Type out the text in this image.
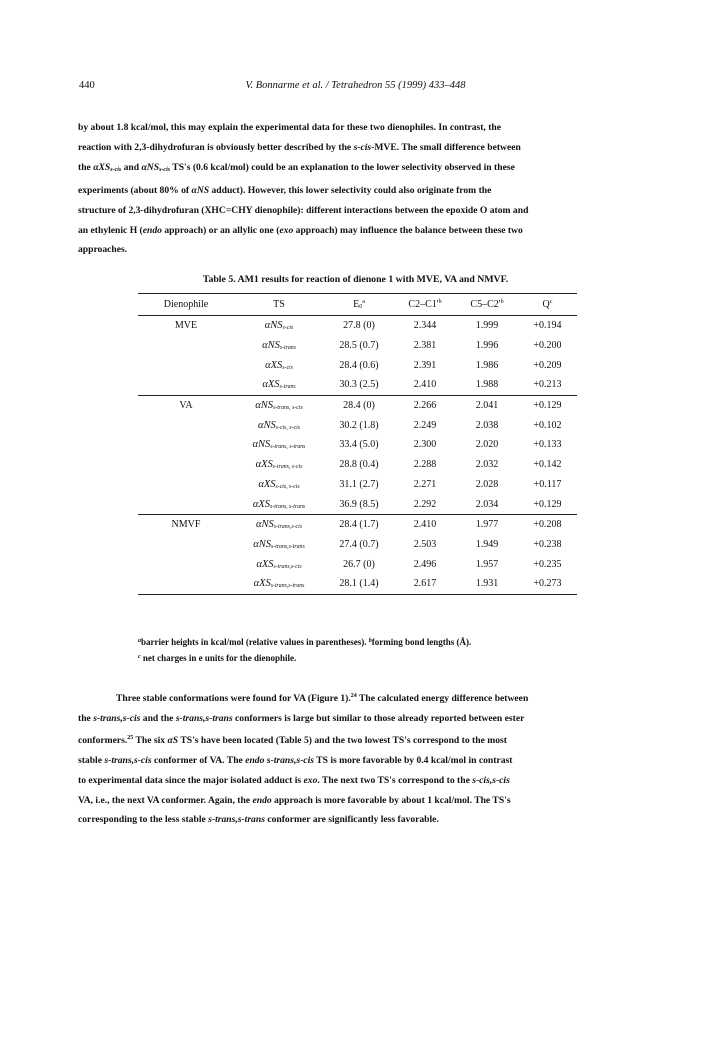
440	V. Bonnarme et al. / Tetrahedron 55 (1999) 433–448

by about 1.8 kcal/mol, this may explain the experimental data for these two dienophiles. In contrast, the

reaction with 2,3-dihydrofuran is obviously better described by the s-cis-MVE. The small difference between

the αXSs-cis and αNSs-cis TS's (0.6 kcal/mol) could be an explanation to the lower selectivity observed in these

experiments (about 80% of αNS adduct). However, this lower selectivity could also originate from the

structure of 2,3-dihydrofuran (XHC=CHY dienophile): different interactions between the epoxide O atom and

an ethylenic H (endo approach) or an allylic one (exo approach) may influence the balance between these two

approaches.

Table 5. AM1 results for reaction of dienone 1 with MVE, VA and NMVF.
Dienophile	TS	E0$^a$	$C2-C1'^b$	$C5-C2'^b$	$Q^c$
MVE	αNSs-cis	27.8 (0)	2.344	1.999	+0.194
	αNSs-trans	28.5 (0.7)	2.381	1.996	+0.200
	αXSs-cis	28.4 (0.6)	2.391	1.986	+0.209
	αXSs-trans	30.3 (2.5)	2.410	1.988	+0.213
VA	αNSs-trans, s-cis	28.4 (0)	2.266	2.041	+0.129
	αNSs-cis, s-cis	30.2 (1.8)	2.249	2.038	+0.102
	αNSs-trans, s-trans	33.4 (5.0)	2.300	2.020	+0.133
	αXSs-trans, s-cis	28.8 (0.4)	2.288	2.032	+0.142
	αXSs-cis, s-cis	31.1 (2.7)	2.271	2.028	+0.117
	αXSs-trans, s-trans	36.9 (8.5)	2.292	2.034	+0.129
NMVF	αNSs-trans,s-cis	28.4 (1.7)	2.410	1.977	+0.208
	αNSs-trans,s-trans	27.4 (0.7)	2.503	1.949	+0.238
	αXSs-trans,s-cis	26.7 (0)	2.496	1.957	+0.235
	αXSs-trans,s-trans	28.1 (1.4)	2.617	1.931	+0.273

$^a$barrier heights in kcal/mol (relative values in parentheses). $^b$forming bond lengths (Å).

$^c$ net charges in e units for the dienophile.

Three stable conformations were found for VA (Figure 1).$^{24}$ The calculated energy difference between

the s-trans,s-cis and the s-trans,s-trans conformers is large but similar to those already reported between ester

conformers.$^{25}$ The six αS TS's have been located (Table 5) and the two lowest TS's correspond to the most

stable s-trans,s-cis conformer of VA. The endo s-trans,s-cis TS is more favorable by 0.4 kcal/mol in contrast

to experimental data since the major isolated adduct is exo. The next two TS's correspond to the s-cis,s-cis

VA, i.e., the next VA conformer. Again, the endo approach is more favorable by about 1 kcal/mol. The TS's

corresponding to the less stable s-trans,s-trans conformer are significantly less favorable.
